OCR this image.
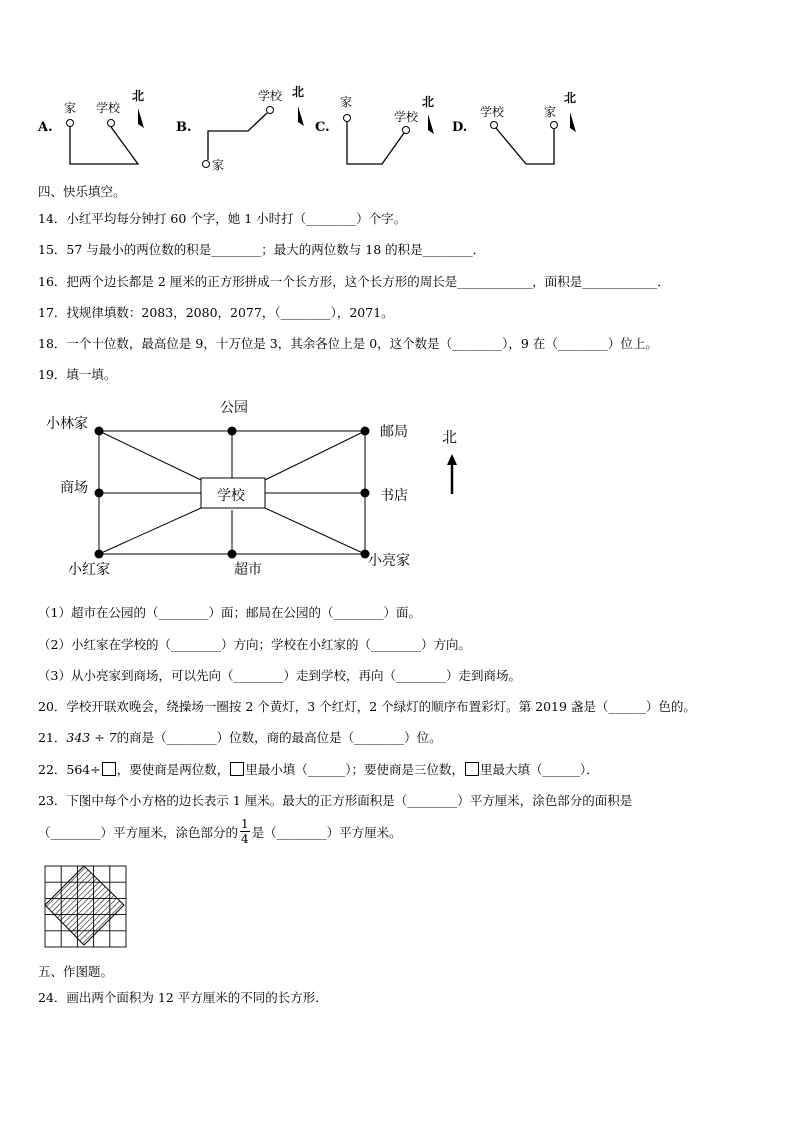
A.
家 学校
北
B.
学校 北
家
C.
家
学校
北
D.
学校	家
北
四、快乐填空。
14．小红平均每分钟打 60 个字，她 1 小时打（________）个字。
15．57 与最小的两位数的积是________；最大的两位数与 18 的积是________．
16．把两个边长都是 2 厘米的正方形拼成一个长方形，这个长方形的周长是____________，面积是____________．
17．找规律填数：2083，2080，2077，（________），2071。
18．一个十位数，最高位是 9，十万位是 3，其余各位上是 0，这个数是（________），9 在（________）位上。
19．填一填。
公园
小林家	邮局
商场	学校	书店
小红家	超市
小亮家
北
（1）超市在公园的（________）面；邮局在公园的（________）面。
（2）小红家在学校的（________）方向；学校在小红家的（________）方向。
（3）从小亮家到商场，可以先向（________）走到学校，再向（________）走到商场。
20．学校开联欢晚会，绕操场一圈按 2 个黄灯，3 个红灯，2 个绿灯的顺序布置彩灯。第 2019 盏是（______）色的。
21．343 ÷ 7的商是（________）位数，商的最高位是（________）位。
22．564÷ ，要使商是两位数， 里最小填（______）；要使商是三位数， 里最大填（______）．
23．下图中每个小方格的边长表示 1 厘米。最大的正方形面积是（________）平方厘米，涂色部分的面积是
（________）平方厘米，涂色部分的 $\frac{1}{4}$ 是（________）平方厘米。
五、作图题。
24．画出两个面积为 12 平方厘米的不同的长方形．
